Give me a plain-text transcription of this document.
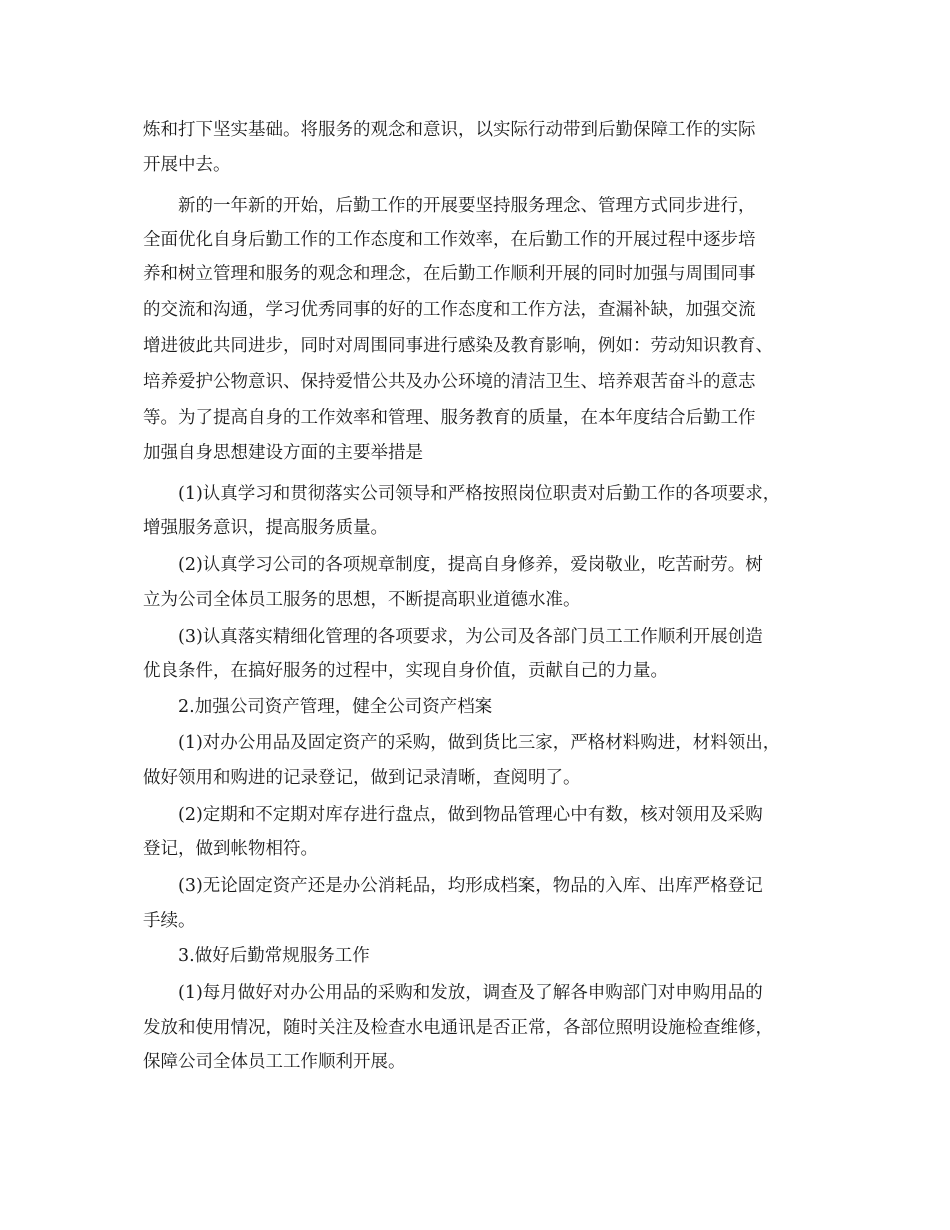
炼和打下坚实基础。将服务的观念和意识，以实际行动带到后勤保障工作的实际
开展中去。
新的一年新的开始，后勤工作的开展要坚持服务理念、管理方式同步进行，
全面优化自身后勤工作的工作态度和工作效率，在后勤工作的开展过程中逐步培
养和树立管理和服务的观念和理念，在后勤工作顺利开展的同时加强与周围同事
的交流和沟通，学习优秀同事的好的工作态度和工作方法，查漏补缺，加强交流
增进彼此共同进步，同时对周围同事进行感染及教育影响，例如：劳动知识教育、
培养爱护公物意识、保持爱惜公共及办公环境的清洁卫生、培养艰苦奋斗的意志
等。为了提高自身的工作效率和管理、服务教育的质量，在本年度结合后勤工作
加强自身思想建设方面的主要举措是
(1)认真学习和贯彻落实公司领导和严格按照岗位职责对后勤工作的各项要求，
增强服务意识，提高服务质量。
(2)认真学习公司的各项规章制度，提高自身修养，爱岗敬业，吃苦耐劳。树
立为公司全体员工服务的思想，不断提高职业道德水准。
(3)认真落实精细化管理的各项要求，为公司及各部门员工工作顺利开展创造
优良条件，在搞好服务的过程中，实现自身价值，贡献自己的力量。
2.加强公司资产管理，健全公司资产档案
(1)对办公用品及固定资产的采购，做到货比三家，严格材料购进，材料领出，
做好领用和购进的记录登记，做到记录清晰，查阅明了。
(2)定期和不定期对库存进行盘点，做到物品管理心中有数，核对领用及采购
登记，做到帐物相符。
(3)无论固定资产还是办公消耗品，均形成档案，物品的入库、出库严格登记
手续。
3.做好后勤常规服务工作
(1)每月做好对办公用品的采购和发放，调查及了解各申购部门对申购用品的
发放和使用情况，随时关注及检查水电通讯是否正常，各部位照明设施检查维修，
保障公司全体员工工作顺利开展。
